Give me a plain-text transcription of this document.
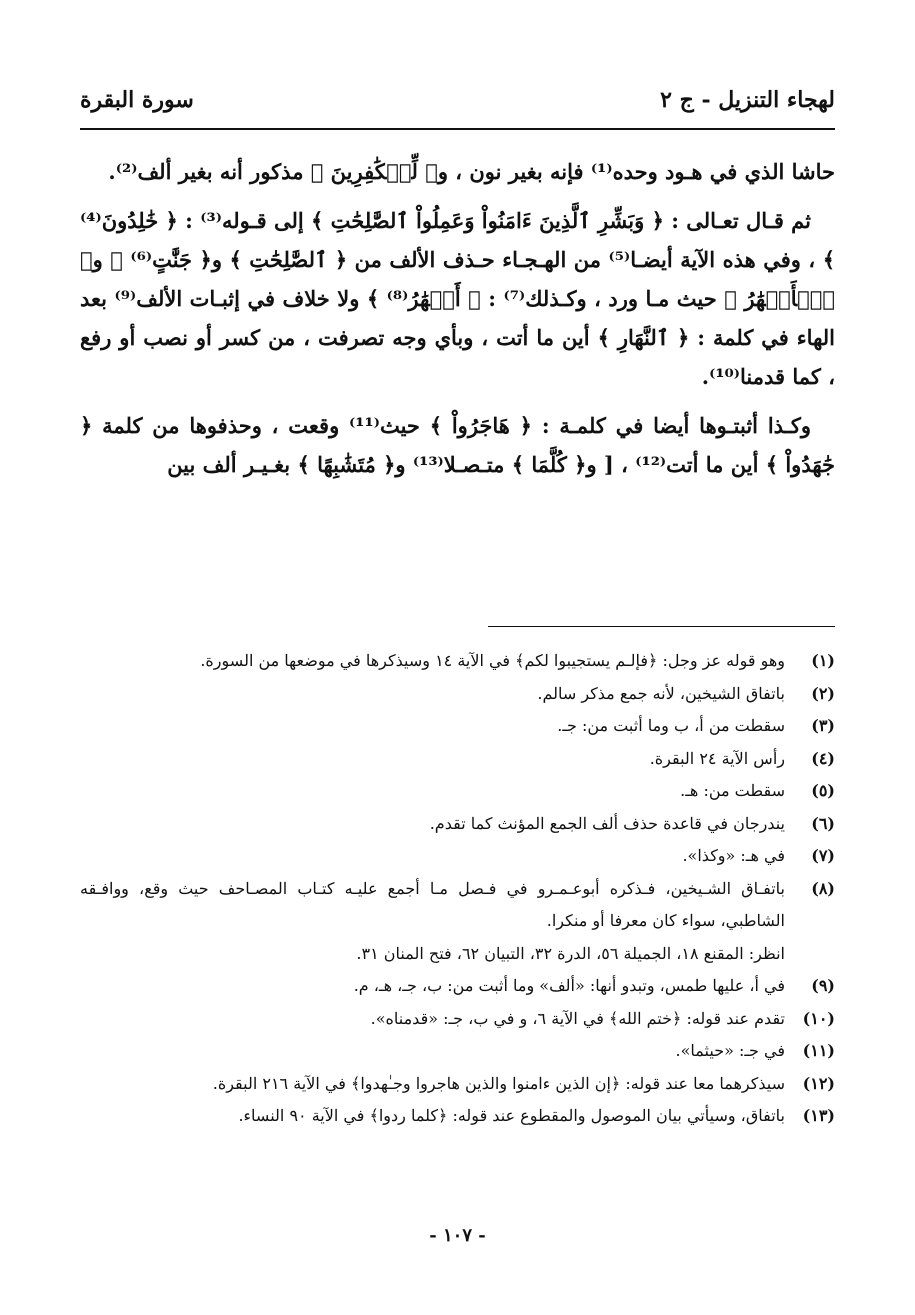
سورة البقرة	لهجاء التنزيل - ج ٢

حاشا الذي في هـود وحده⁽¹⁾ فإنه بغير نون ، و﴿ لِّلۡكَٰفِرِينَ ﴾ مذكور أنه بغير ألف⁽²⁾.

ثم قـال تعـالى : ﴿ وَبَشِّرِ ٱلَّذِينَ ءَامَنُواْ وَعَمِلُواْ ٱلصَّٰلِحَٰتِ ﴾ إلى قـوله⁽³⁾ : ﴿ خَٰلِدُونَ⁽⁴⁾ ﴾ ، وفي هذه الآية أيضـا⁽⁵⁾ من الهـجـاء حـذف الألف من ﴿ ٱلصَّٰلِحَٰتِ ﴾ و﴿ جَنَّٰتٍ⁽⁶⁾ ﴾ و﴿ ٱلۡأَنۡهَٰرُ ﴾ حيث مـا ورد ، وكـذلك⁽⁷⁾ : ﴿ أَنۡهَٰرُ⁽⁸⁾ ﴾ ولا خلاف في إثبـات الألف⁽⁹⁾ بعد الهاء في كلمة : ﴿ ٱلنَّهَارِ ﴾ أين ما أتت ، وبأي وجه تصرفت ، من كسر أو نصب أو رفع ، كما قدمنا⁽¹⁰⁾.

وكـذا أثبتـوها أيضا في كلمـة : ﴿ هَاجَرُواْ ﴾ حيث⁽¹¹⁾ وقعت ، وحذفوها من كلمة ﴿ جَٰهَدُواْ ﴾ أين ما أتت⁽¹²⁾ ، [ و﴿ كُلَّمَا ﴾ متـصـلا⁽¹³⁾ و﴿ مُتَشَٰبِهًا ﴾ بغـيـر ألف بين

(١)
وهو قوله عز وجل: ﴿فإلـم يستجيبوا لكم﴾ في الآية ١٤ وسيذكرها في موضعها من السورة.
(٢)
باتفاق الشيخين، لأنه جمع مذكر سالم.
(٣)
سقطت من أ، ب وما أثبت من: جـ.
(٤)
رأس الآية ٢٤ البقرة.
(٥)
سقطت من: هـ.
(٦)
يندرجان في قاعدة حذف ألف الجمع المؤنث كما تقدم.
(٧)
في هـ: «وكذا».
(٨)
باتفـاق الشـيخين، فـذكره أبوعـمـرو في فـصل مـا أجمع عليـه كتـاب المصـاحف حيث وقع، ووافـقه الشاطبي، سواء كان معرفا أو منكرا.
انظر: المقنع ١٨، الجميلة ٥٦، الدرة ٣٢، التبيان ٦٢، فتح المنان ٣١.
(٩)
في أ، عليها طمس، وتبدو أنها: «ألف» وما أثبت من: ب، جـ، هـ، م.
(١٠)
تقدم عند قوله: ﴿ختم الله﴾ في الآية ٦، و في ب، جـ: «قدمناه».
(١١)
في جـ: «حيثما».
(١٢)
سيذكرهما معا عند قوله: ﴿إن الذين ءامنوا والذين هاجروا وجـٰهدوا﴾ في الآية ٢١٦ البقرة.
(١٣)
باتفاق، وسيأتي بيان الموصول والمقطوع عند قوله: ﴿كلما ردوا﴾ في الآية ٩٠ النساء.
- ١٠٧ -
